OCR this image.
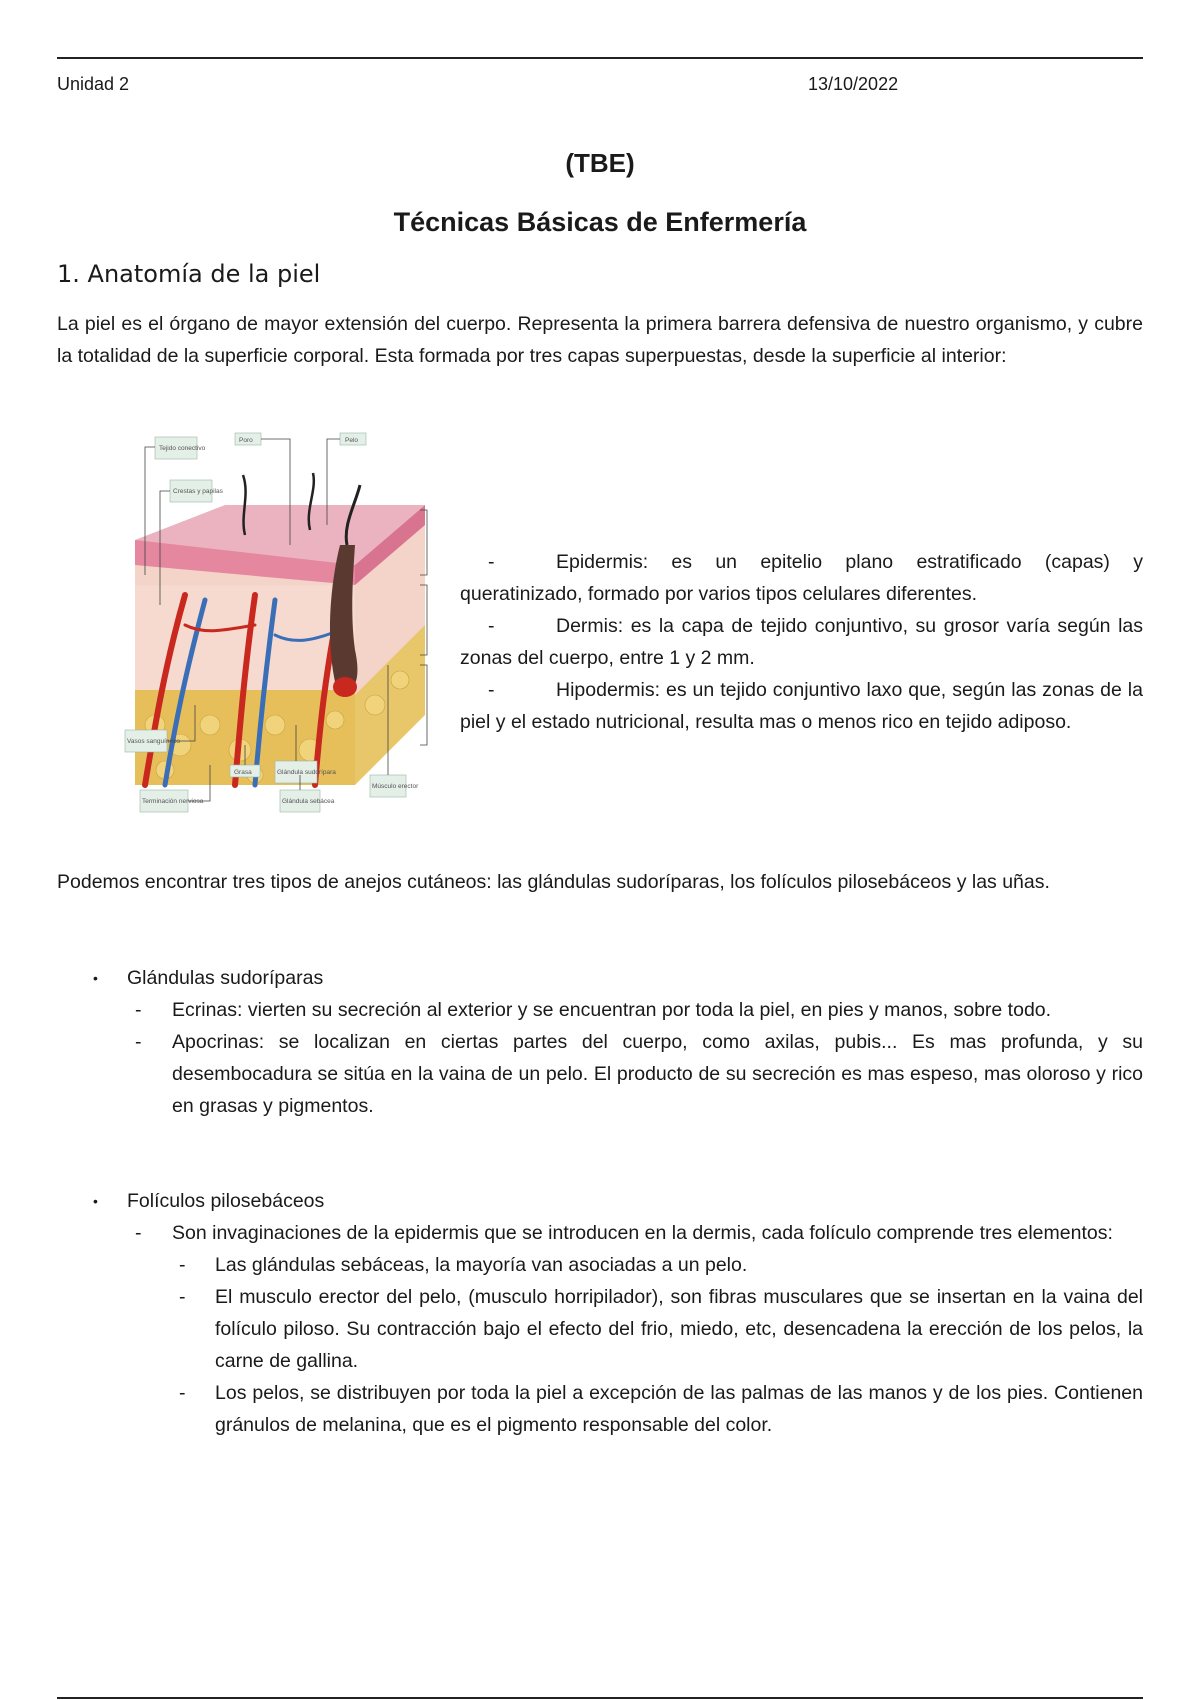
Unidad 2	13/10/2022
(TBE)
Técnicas Básicas de Enfermería
1. Anatomía de la piel
La piel es el órgano de mayor extensión del cuerpo. Representa la primera barrera defensiva de nuestro organismo, y cubre la totalidad de la superficie corporal. Esta formada por tres capas superpuestas, desde la superficie al interior:
Tejido conectivo
Poro	Pelo
Crestas y papilas
Vasos sanguíneos
Grasa	Glándula sudorípara
Músculo erector
Terminación nerviosa	Glándula sebácea

-	Epidermis: es un epitelio plano estratificado (capas) y queratinizado, formado por varios tipos celulares diferentes.

-	Dermis: es la capa de tejido conjuntivo, su grosor varía según las zonas del cuerpo, entre 1 y 2 mm.

-	Hipodermis: es un tejido conjuntivo laxo que, según las zonas de la piel y el estado nutricional, resulta mas o menos rico en tejido adiposo.

Podemos encontrar tres tipos de anejos cutáneos: las glándulas sudoríparas, los folículos pilosebáceos y las uñas.
• Glándulas sudoríparas
- Ecrinas: vierten su secreción al exterior y se encuentran por toda la piel, en pies y manos, sobre todo.
- Apocrinas: se localizan en ciertas partes del cuerpo, como axilas, pubis... Es mas profunda, y su desembocadura se sitúa en la vaina de un pelo. El producto de su secreción es mas espeso, mas oloroso y rico en grasas y pigmentos.
• Folículos pilosebáceos
- Son invaginaciones de la epidermis que se introducen en la dermis, cada folículo comprende tres elementos:
- Las glándulas sebáceas, la mayoría van asociadas a un pelo.
- El musculo erector del pelo, (musculo horripilador), son fibras musculares que se insertan en la vaina del folículo piloso. Su contracción bajo el efecto del frio, miedo, etc, desencadena la erección de los pelos, la carne de gallina.
- Los pelos, se distribuyen por toda la piel a excepción de las palmas de las manos y de los pies. Contienen gránulos de melanina, que es el pigmento responsable del color.
